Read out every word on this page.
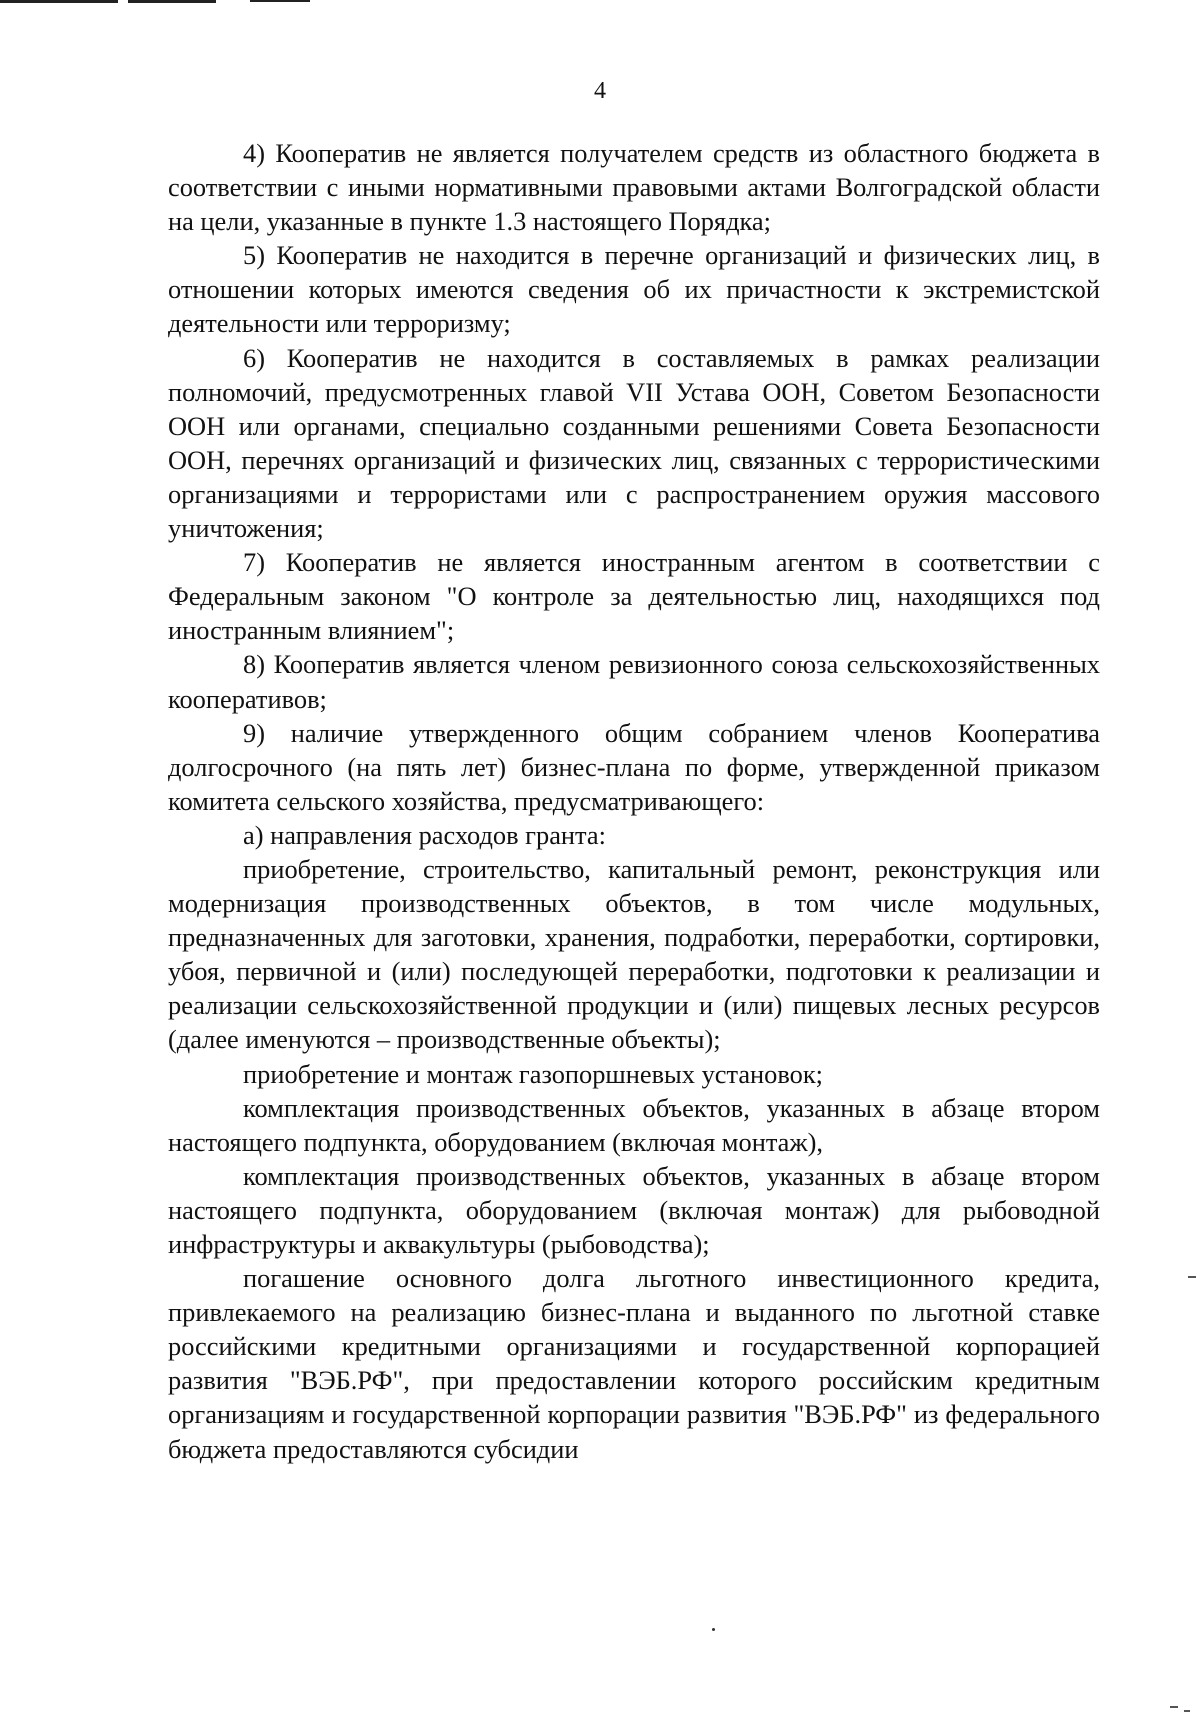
4

4) Кооператив не является получателем средств из областного бюджета в соответствии с иными нормативными правовыми актами Волгоградской области на цели, указанные в пункте 1.3 настоящего Порядка;

5) Кооператив не находится в перечне организаций и физических лиц, в отношении которых имеются сведения об их причастности к экстремистской деятельности или терроризму;

6) Кооператив не находится в составляемых в рамках реализации полномочий, предусмотренных главой VII Устава ООН, Советом Безопасности ООН или органами, специально созданными решениями Совета Безопасности ООН, перечнях организаций и физических лиц, связанных с террористическими организациями и террористами или с распространением оружия массового уничтожения;

7) Кооператив не является иностранным агентом в соответствии с Федеральным законом "О контроле за деятельностью лиц, находящихся под иностранным влиянием";

8) Кооператив является членом ревизионного союза сельскохозяйственных кооперативов;

9) наличие утвержденного общим собранием членов Кооператива долгосрочного (на пять лет) бизнес-плана по форме, утвержденной приказом комитета сельского хозяйства, предусматривающего:

а) направления расходов гранта:

приобретение, строительство, капитальный ремонт, реконструкция или модернизация производственных объектов, в том числе модульных, предназначенных для заготовки, хранения, подработки, переработки, сортировки, убоя, первичной и (или) последующей переработки, подготовки к реализации и реализации сельскохозяйственной продукции и (или) пищевых лесных ресурсов (далее именуются – производственные объекты);

приобретение и монтаж газопоршневых установок;

комплектация производственных объектов, указанных в абзаце втором настоящего подпункта, оборудованием (включая монтаж),

комплектация производственных объектов, указанных в абзаце втором настоящего подпункта, оборудованием (включая монтаж) для рыбоводной инфраструктуры и аквакультуры (рыбоводства);

погашение основного долга льготного инвестиционного кредита, привлекаемого на реализацию бизнес-плана и выданного по льготной ставке российскими кредитными организациями и государственной корпорацией развития "ВЭБ.РФ", при предоставлении которого российским кредитным организациям и государственной корпорации развития "ВЭБ.РФ" из федерального бюджета предоставляются субсидии
